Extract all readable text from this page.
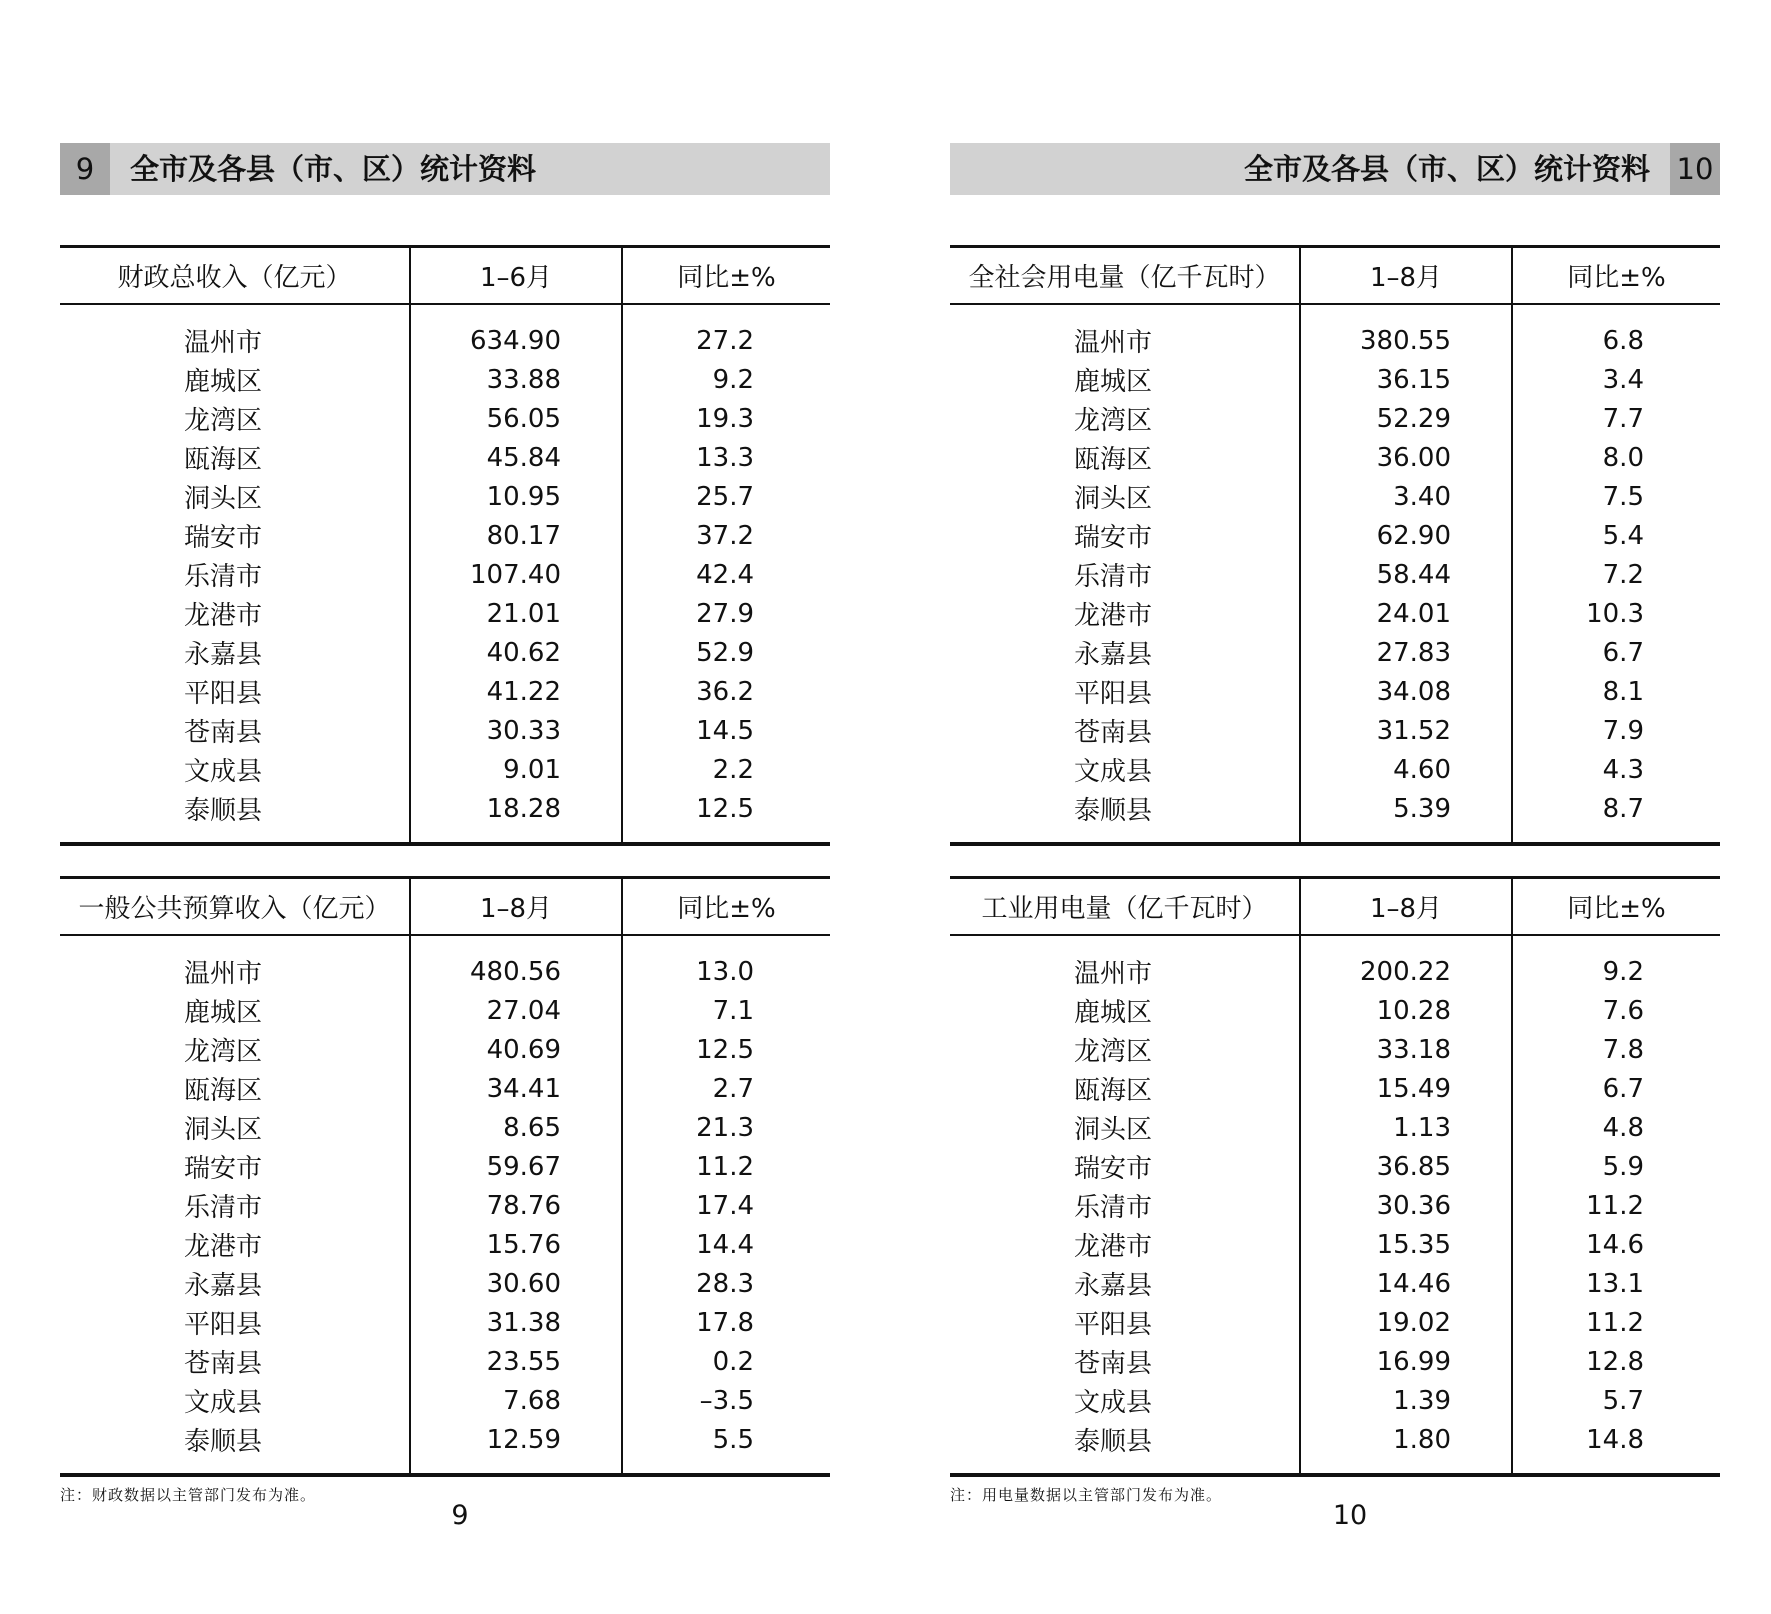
9	全市及各县（市、区）统计资料
财政总收入（亿元）	1–6月	同比±%
温州市	634.90	27.2
鹿城区	33.88	9.2
龙湾区	56.05	19.3
瓯海区	45.84	13.3
洞头区	10.95	25.7
瑞安市	80.17	37.2
乐清市	107.40	42.4
龙港市	21.01	27.9
永嘉县	40.62	52.9
平阳县	41.22	36.2
苍南县	30.33	14.5
文成县	9.01	2.2
泰顺县	18.28	12.5
一般公共预算收入（亿元）	1–8月	同比±%
温州市	480.56	13.0
鹿城区	27.04	7.1
龙湾区	40.69	12.5
瓯海区	34.41	2.7
洞头区	8.65	21.3
瑞安市	59.67	11.2
乐清市	78.76	17.4
龙港市	15.76	14.4
永嘉县	30.60	28.3
平阳县	31.38	17.8
苍南县	23.55	0.2
文成县	7.68	–3.5
泰顺县	12.59	5.5
注：财政数据以主管部门发布为准。
9
全市及各县（市、区）统计资料 10
全社会用电量（亿千瓦时）	1–8月	同比±%
温州市	380.55	6.8
鹿城区	36.15	3.4
龙湾区	52.29	7.7
瓯海区	36.00	8.0
洞头区	3.40	7.5
瑞安市	62.90	5.4
乐清市	58.44	7.2
龙港市	24.01	10.3
永嘉县	27.83	6.7
平阳县	34.08	8.1
苍南县	31.52	7.9
文成县	4.60	4.3
泰顺县	5.39	8.7
工业用电量（亿千瓦时）	1–8月	同比±%
温州市	200.22	9.2
鹿城区	10.28	7.6
龙湾区	33.18	7.8
瓯海区	15.49	6.7
洞头区	1.13	4.8
瑞安市	36.85	5.9
乐清市	30.36	11.2
龙港市	15.35	14.6
永嘉县	14.46	13.1
平阳县	19.02	11.2
苍南县	16.99	12.8
文成县	1.39	5.7
泰顺县	1.80	14.8
注：用电量数据以主管部门发布为准。
10
